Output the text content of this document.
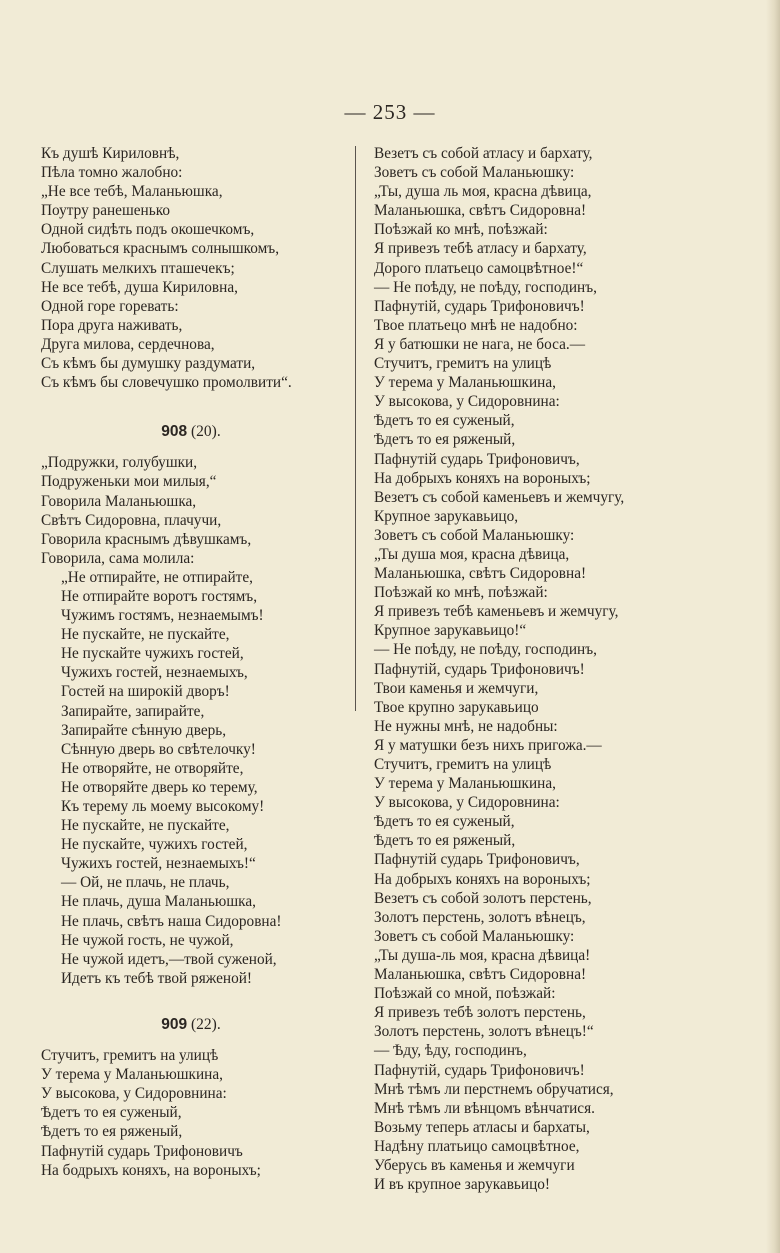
— 253 —
Къ душѣ Кириловнѣ,
Пѣла томно жалобно:
„Не все тебѣ, Маланьюшка,
Поутру ранешенько
Одной сидѣть подъ окошечкомъ,
Любоваться краснымъ солнышкомъ,
Слушать мелкихъ пташечекъ;
Не все тебѣ, душа Кириловна,
Одной горе горевать:
Пора друга наживать,
Друга милова, сердечнова,
Съ кѣмъ бы думушку раздумати,
Съ кѣмъ бы словечушко промолвити“.
908 (20).
„Подружки, голубушки,
Подруженьки мои милыя,“
Говорила Маланьюшка,
Свѣтъ Сидоровна, плачучи,
Говорила краснымъ дѣвушкамъ,
Говорила, сама молила:
„Не отпирайте, не отпирайте,
Не отпирайте воротъ гостямъ,
Чужимъ гостямъ, незнаемымъ!
Не пускайте, не пускайте,
Не пускайте чужихъ гостей,
Чужихъ гостей, незнаемыхъ,
Гостей на широкій дворъ!
Запирайте, запирайте,
Запирайте сѣнную дверь,
Сѣнную дверь во свѣтелочку!
Не отворяйте, не отворяйте,
Не отворяйте дверь ко терему,
Къ терему ль моему высокому!
Не пускайте, не пускайте,
Не пускайте, чужихъ гостей,
Чужихъ гостей, незнаемыхъ!“
— Ой, не плачь, не плачь,
Не плачь, душа Маланьюшка,
Не плачь, свѣтъ наша Сидоровна!
Не чужой гость, не чужой,
Не чужой идетъ,—твой суженой,
Идетъ къ тебѣ твой ряженой!
909 (22).
Стучитъ, гремитъ на улицѣ
У терема у Маланьюшкина,
У высокова, у Сидоровнина:
Ѣдетъ то ея суженый,
Ѣдетъ то ея ряженый,
Пафнутій сударь Трифоновичъ
На бодрыхъ коняхъ, на вороныхъ;
Везетъ съ собой атласу и бархату,
Зоветъ съ собой Маланьюшку:
„Ты, душа ль моя, красна дѣвица,
Маланьюшка, свѣтъ Сидоровна!
Поѣзжай ко мнѣ, поѣзжай:
Я привезъ тебѣ атласу и бархату,
Дорого платьецо самоцвѣтное!“
— Не поѣду, не поѣду, господинъ,
Пафнутій, сударь Трифоновичъ!
Твое платьецо мнѣ не надобно:
Я у батюшки не нага, не боса.—
Стучитъ, гремитъ на улицѣ
У терема у Маланьюшкина,
У высокова, у Сидоровнина:
Ѣдетъ то ея суженый,
Ѣдетъ то ея ряженый,
Пафнутій сударь Трифоновичъ,
На добрыхъ коняхъ на вороныхъ;
Везетъ съ собой каменьевъ и жемчугу,
Крупное зарукавьицо,
Зоветъ съ собой Маланьюшку:
„Ты душа моя, красна дѣвица,
Маланьюшка, свѣтъ Сидоровна!
Поѣзжай ко мнѣ, поѣзжай:
Я привезъ тебѣ каменьевъ и жемчугу,
Крупное зарукавьицо!“
— Не поѣду, не поѣду, господинъ,
Пафнутій, сударь Трифоновичъ!
Твои каменья и жемчуги,
Твое крупно зарукавьицо
Не нужны мнѣ, не надобны:
Я у матушки безъ нихъ пригожа.—
Стучитъ, гремитъ на улицѣ
У терема у Маланьюшкина,
У высокова, у Сидоровнина:
Ѣдетъ то ея суженый,
Ѣдетъ то ея ряженый,
Пафнутій сударь Трифоновичъ,
На добрыхъ коняхъ на вороныхъ;
Везетъ съ собой золотъ перстень,
Золотъ перстень, золотъ вѣнецъ,
Зоветъ съ собой Маланьюшку:
„Ты душа-ль моя, красна дѣвица!
Маланьюшка, свѣтъ Сидоровна!
Поѣзжай со мной, поѣзжай:
Я привезъ тебѣ золотъ перстень,
Золотъ перстень, золотъ вѣнецъ!“
— Ѣду, ѣду, господинъ,
Пафнутій, сударь Трифоновичъ!
Мнѣ тѣмъ ли перстнемъ обручатися,
Мнѣ тѣмъ ли вѣнцомъ вѣнчатися.
Возьму теперь атласы и бархаты,
Надѣну платьицо самоцвѣтное,
Уберусь въ каменья и жемчуги
И въ крупное зарукавьицо!
